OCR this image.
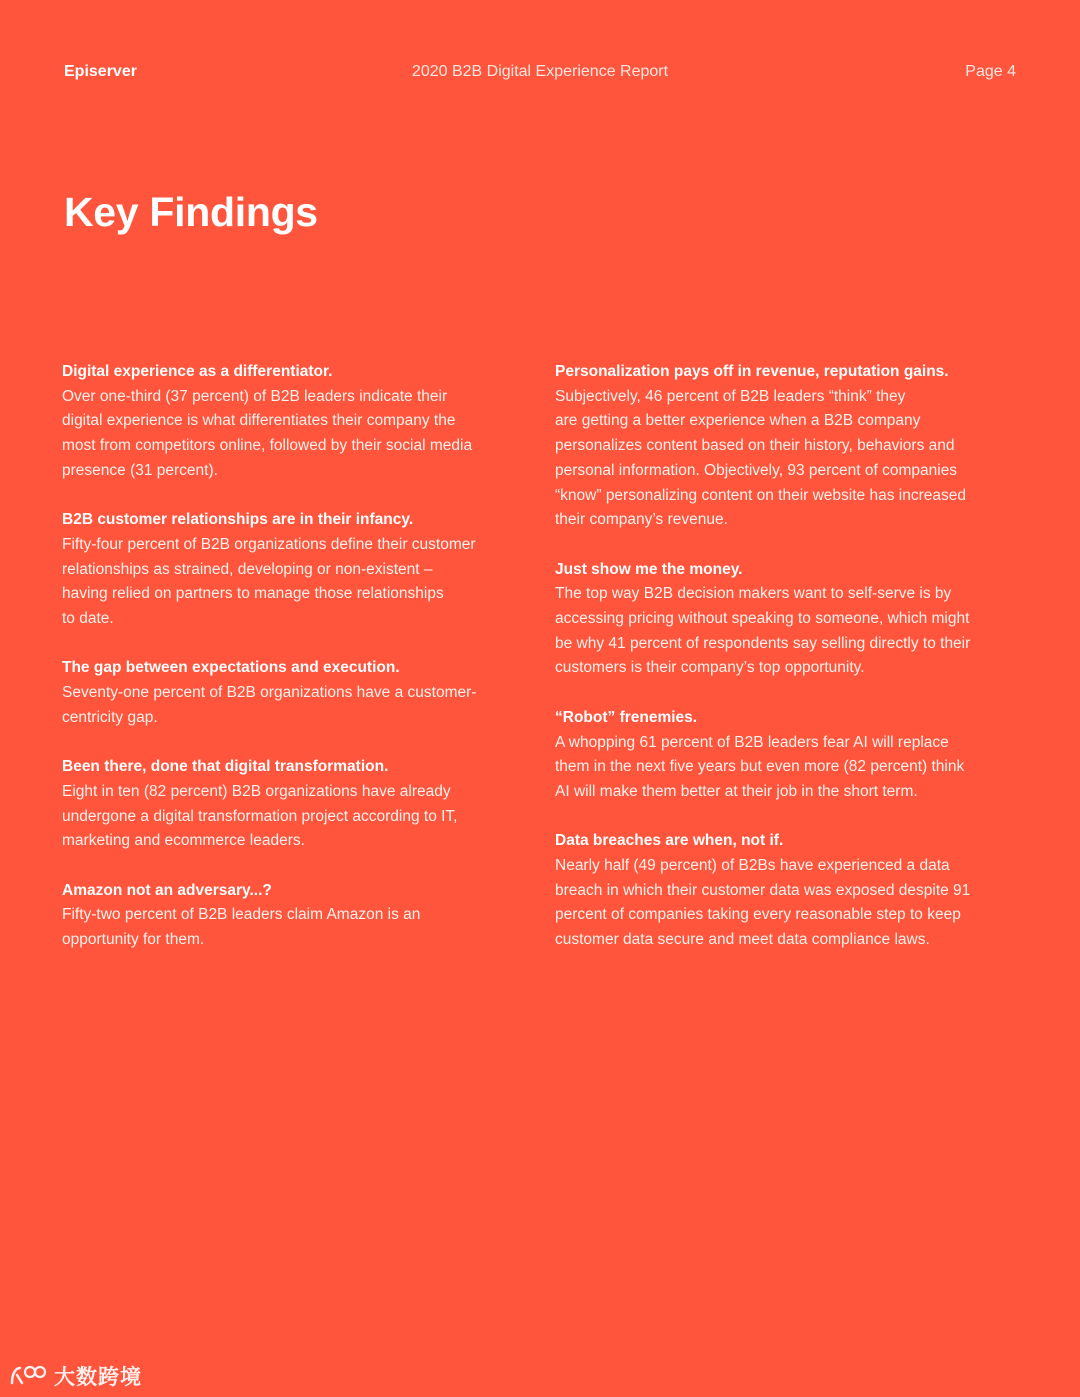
Episerver	2020 B2B Digital Experience Report	Page 4
Key Findings

Digital experience as a differentiator.
Over one-third (37 percent) of B2B leaders indicate their
digital experience is what differentiates their company the
most from competitors online, followed by their social media
presence (31 percent).

B2B customer relationships are in their infancy.
Fifty-four percent of B2B organizations define their customer
relationships as strained, developing or non-existent –
having relied on partners to manage those relationships
to date.

The gap between expectations and execution.
Seventy-one percent of B2B organizations have a customer-
centricity gap.

Been there, done that digital transformation.
Eight in ten (82 percent) B2B organizations have already
undergone a digital transformation project according to IT,
marketing and ecommerce leaders.

Amazon not an adversary...?
Fifty-two percent of B2B leaders claim Amazon is an
opportunity for them.

Personalization pays off in revenue, reputation gains.
Subjectively, 46 percent of B2B leaders “think” they
are getting a better experience when a B2B company
personalizes content based on their history, behaviors and
personal information. Objectively, 93 percent of companies
“know” personalizing content on their website has increased
their company’s revenue.

Just show me the money.
The top way B2B decision makers want to self-serve is by
accessing pricing without speaking to someone, which might
be why 41 percent of respondents say selling directly to their
customers is their company’s top opportunity.

“Robot” frenemies.
A whopping 61 percent of B2B leaders fear AI will replace
them in the next five years but even more (82 percent) think
AI will make them better at their job in the short term.

Data breaches are when, not if.
Nearly half (49 percent) of B2Bs have experienced a data
breach in which their customer data was exposed despite 91
percent of companies taking every reasonable step to keep
customer data secure and meet data compliance laws.

大数跨境
